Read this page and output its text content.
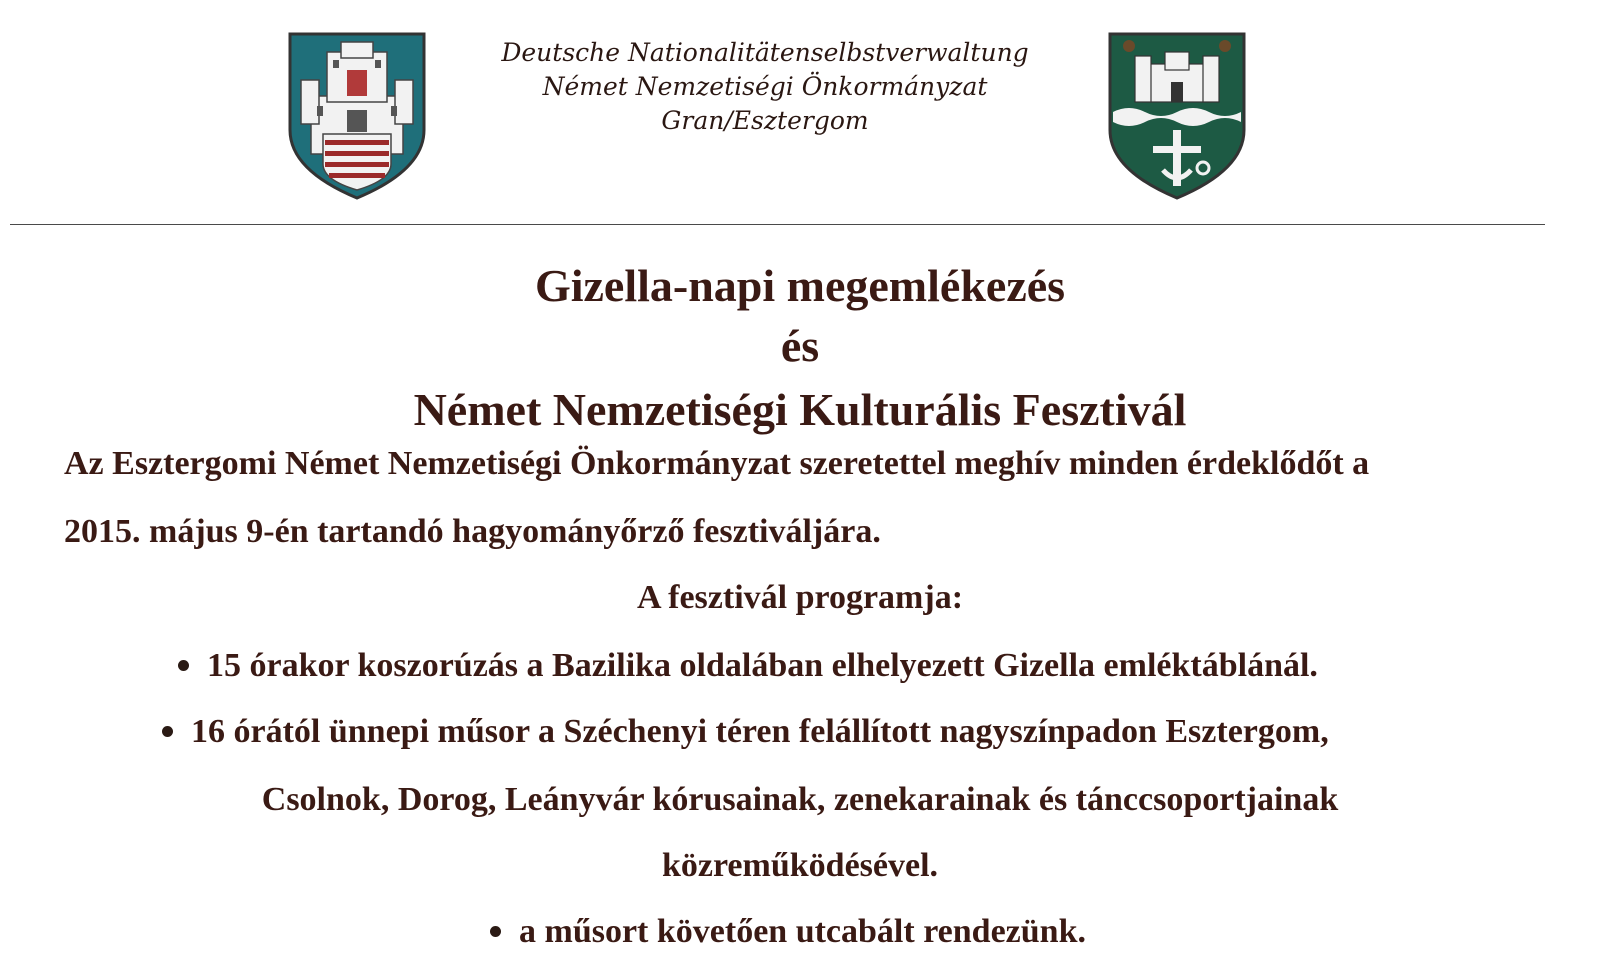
Deutsche Nationalitätenselbstverwaltung
Német Nemzetiségi Önkormányzat
Gran/Esztergom
Gizella-napi megemlékezés
és
Német Nemzetiségi Kulturális Fesztivál
Az Esztergomi Német Nemzetiségi Önkormányzat szeretettel meghív minden érdeklődőt a
2015. május 9-én tartandó hagyományőrző fesztiváljára.
A fesztivál programja:
15 órakor koszorúzás a Bazilika oldalában elhelyezett Gizella emléktáblánál.
16 órától ünnepi műsor a Széchenyi téren felállított nagyszínpadon Esztergom,
Csolnok, Dorog, Leányvár kórusainak, zenekarainak és tánccsoportjainak
közreműködésével.
a műsort követően utcabált rendezünk.
